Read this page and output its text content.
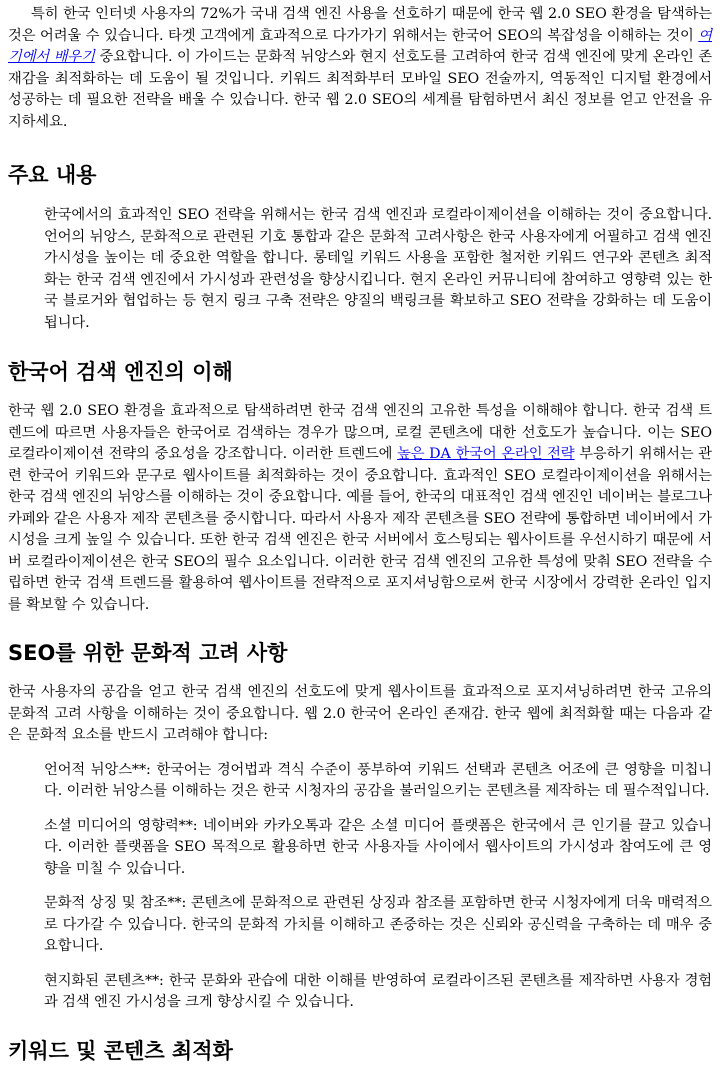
특히 한국 인터넷 사용자의 72%가 국내 검색 엔진 사용을 선호하기 때문에 한국 웹 2.0 SEO 환경을 탐색하는 것은 어려울 수 있습니다. 타겟 고객에게 효과적으로 다가가기 위해서는 한국어 SEO의 복잡성을 이해하는 것이 여기에서 배우기 중요합니다. 이 가이드는 문화적 뉘앙스와 현지 선호도를 고려하여 한국 검색 엔진에 맞게 온라인 존재감을 최적화하는 데 도움이 될 것입니다. 키워드 최적화부터 모바일 SEO 전술까지, 역동적인 디지털 환경에서 성공하는 데 필요한 전략을 배울 수 있습니다. 한국 웹 2.0 SEO의 세계를 탐험하면서 최신 정보를 얻고 안전을 유지하세요.

주요 내용

한국에서의 효과적인 SEO 전략을 위해서는 한국 검색 엔진과 로컬라이제이션을 이해하는 것이 중요합니다. 언어의 뉘앙스, 문화적으로 관련된 기호 통합과 같은 문화적 고려사항은 한국 사용자에게 어필하고 검색 엔진 가시성을 높이는 데 중요한 역할을 합니다. 롱테일 키워드 사용을 포함한 철저한 키워드 연구와 콘텐츠 최적화는 한국 검색 엔진에서 가시성과 관련성을 향상시킵니다. 현지 온라인 커뮤니티에 참여하고 영향력 있는 한국 블로거와 협업하는 등 현지 링크 구축 전략은 양질의 백링크를 확보하고 SEO 전략을 강화하는 데 도움이 됩니다.

한국어 검색 엔진의 이해

한국 웹 2.0 SEO 환경을 효과적으로 탐색하려면 한국 검색 엔진의 고유한 특성을 이해해야 합니다. 한국 검색 트렌드에 따르면 사용자들은 한국어로 검색하는 경우가 많으며, 로컬 콘텐츠에 대한 선호도가 높습니다. 이는 SEO 로컬라이제이션 전략의 중요성을 강조합니다. 이러한 트렌드에 높은 DA 한국어 온라인 전략 부응하기 위해서는 관련 한국어 키워드와 문구로 웹사이트를 최적화하는 것이 중요합니다. 효과적인 SEO 로컬라이제이션을 위해서는 한국 검색 엔진의 뉘앙스를 이해하는 것이 중요합니다. 예를 들어, 한국의 대표적인 검색 엔진인 네이버는 블로그나 카페와 같은 사용자 제작 콘텐츠를 중시합니다. 따라서 사용자 제작 콘텐츠를 SEO 전략에 통합하면 네이버에서 가시성을 크게 높일 수 있습니다. 또한 한국 검색 엔진은 한국 서버에서 호스팅되는 웹사이트를 우선시하기 때문에 서버 로컬라이제이션은 한국 SEO의 필수 요소입니다. 이러한 한국 검색 엔진의 고유한 특성에 맞춰 SEO 전략을 수립하면 한국 검색 트렌드를 활용하여 웹사이트를 전략적으로 포지셔닝함으로써 한국 시장에서 강력한 온라인 입지를 확보할 수 있습니다.

SEO를 위한 문화적 고려 사항

한국 사용자의 공감을 얻고 한국 검색 엔진의 선호도에 맞게 웹사이트를 효과적으로 포지셔닝하려면 한국 고유의 문화적 고려 사항을 이해하는 것이 중요합니다. 웹 2.0 한국어 온라인 존재감. 한국 웹에 최적화할 때는 다음과 같은 문화적 요소를 반드시 고려해야 합니다:

언어적 뉘앙스**: 한국어는 경어법과 격식 수준이 풍부하여 키워드 선택과 콘텐츠 어조에 큰 영향을 미칩니다. 이러한 뉘앙스를 이해하는 것은 한국 시청자의 공감을 불러일으키는 콘텐츠를 제작하는 데 필수적입니다.

소셜 미디어의 영향력**: 네이버와 카카오톡과 같은 소셜 미디어 플랫폼은 한국에서 큰 인기를 끌고 있습니다. 이러한 플랫폼을 SEO 목적으로 활용하면 한국 사용자들 사이에서 웹사이트의 가시성과 참여도에 큰 영향을 미칠 수 있습니다.

문화적 상징 및 참조**: 콘텐츠에 문화적으로 관련된 상징과 참조를 포함하면 한국 시청자에게 더욱 매력적으로 다가갈 수 있습니다. 한국의 문화적 가치를 이해하고 존중하는 것은 신뢰와 공신력을 구축하는 데 매우 중요합니다.

현지화된 콘텐츠**: 한국 문화와 관습에 대한 이해를 반영하여 로컬라이즈된 콘텐츠를 제작하면 사용자 경험과 검색 엔진 가시성을 크게 향상시킬 수 있습니다.

키워드 및 콘텐츠 최적화
